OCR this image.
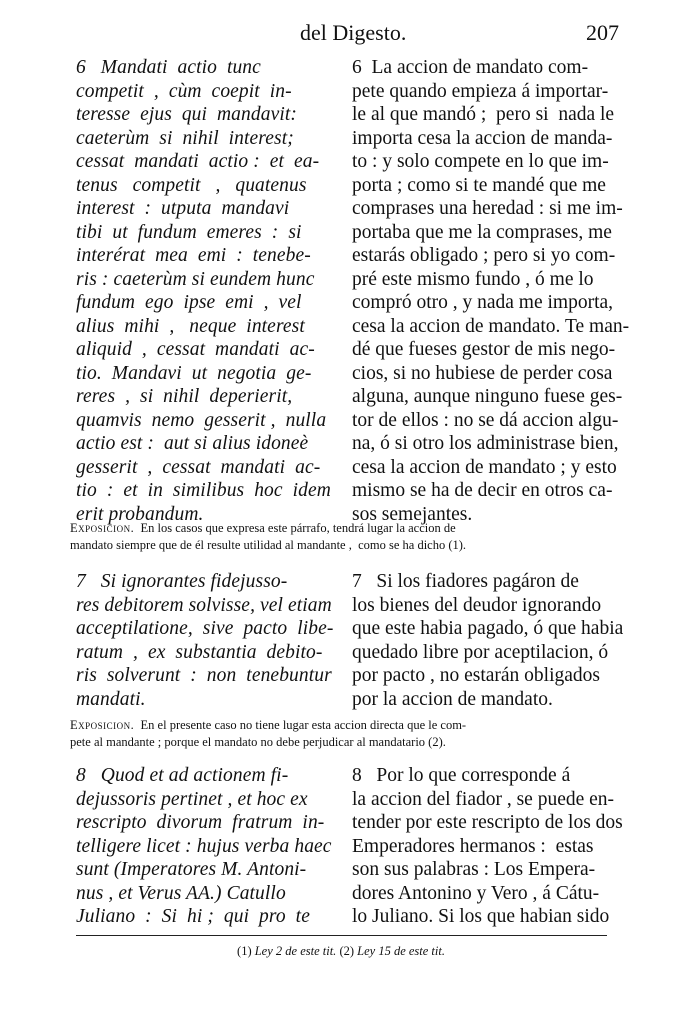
del Digesto.	207
6   Mandati  actio  tunc
competit  ,  cùm  coepit  in-
teresse  ejus  qui  mandavit:
caeterùm  si  nihil  interest;
cessat  mandati  actio :  et  ea-
tenus   competit   ,   quatenus
interest  :  utputa  mandavi
tibi  ut  fundum  emeres  :  si
interérat  mea  emi  :  tenebe-
ris : caeterùm si eundem hunc
fundum  ego  ipse  emi  ,  vel
alius  mihi  ,   neque  interest
aliquid  ,  cessat  mandati  ac-
tio.  Mandavi  ut  negotia  ge-
reres  ,  si  nihil  deperierit,
quamvis  nemo  gesserit ,  nulla
actio est :  aut si alius idoneè
gesserit  ,  cessat  mandati  ac-
tio  :  et  in  similibus  hoc  idem
erit probandum.
6  La accion de mandato com-
pete quando empieza á importar-
le al que mandó ;  pero si  nada le
importa cesa la accion de manda-
to : y solo compete en lo que im-
porta ; como si te mandé que me
comprases una heredad : si me im-
portaba que me la comprases, me
estarás obligado ; pero si yo com-
pré este mismo fundo , ó me lo
compró otro , y nada me importa,
cesa la accion de mandato. Te man-
dé que fueses gestor de mis nego-
cios, si no hubiese de perder cosa
alguna, aunque ninguno fuese ges-
tor de ellos : no se dá accion algu-
na, ó si otro los administrase bien,
cesa la accion de mandato ; y esto
mismo se ha de decir en otros ca-
sos semejantes.
Exposicion. En los casos que expresa este párrafo, tendrá lugar la accion de
mandato siempre que de él resulte utilidad al mandante ,  como se ha dicho (1).
7   Si ignorantes fidejusso-
res debitorem solvisse, vel etiam
acceptilatione,  sive  pacto  libe-
ratum  ,  ex  substantia  debito-
ris  solverunt  :  non  tenebuntur
mandati.
7   Si los fiadores pagáron de
los bienes del deudor ignorando
que este habia pagado, ó que habia
quedado libre por aceptilacion, ó
por pacto , no estarán obligados
por la accion de mandato.
Exposicion. En el presente caso no tiene lugar esta accion directa que le com-
pete al mandante ; porque el mandato no debe perjudicar al mandatario (2).
8   Quod et ad actionem fi-
dejussoris pertinet , et hoc ex
rescripto  divorum  fratrum  in-
telligere licet : hujus verba haec
sunt (Imperatores M. Antoni-
nus , et Verus AA.) Catullo
Juliano  :  Si  hi ;  qui  pro  te
8   Por lo que corresponde á
la accion del fiador , se puede en-
tender por este rescripto de los dos
Emperadores hermanos :  estas
son sus palabras : Los Empera-
dores Antonino y Vero , á Cátu-
lo Juliano. Si los que habian sido
(1) Ley 2 de este tit. (2) Ley 15 de este tit.
